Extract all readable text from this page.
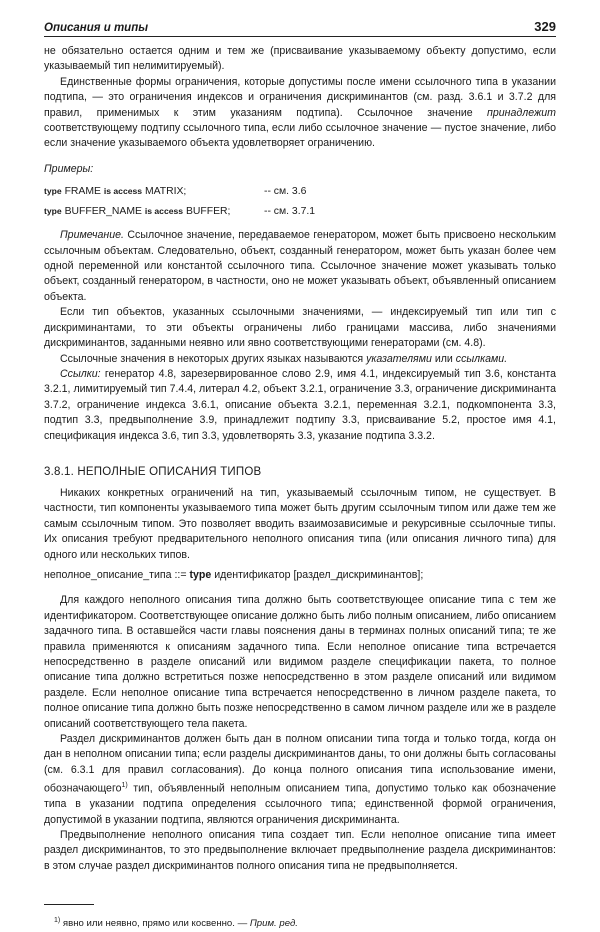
Описания и типы	329

не обязательно остается одним и тем же (присваивание указываемому объекту допустимо, если указываемый тип нелимитируемый).

Единственные формы ограничения, которые допустимы после имени ссылочного типа в указании подтипа, — это ограничения индексов и ограничения дискриминантов (см. разд. 3.6.1 и 3.7.2 для правил, применимых к этим указаниям подтипа). Ссылочное значение принадлежит соответствующему подтипу ссылочного типа, если либо ссылочное значение — пустое значение, либо если значение указываемого объекта удовлетворяет ограничению.

Примеры:

type FRAME is access MATRIX;	-- см. 3.6
type BUFFER_NAME is access BUFFER;	-- см. 3.7.1

Примечание. Ссылочное значение, передаваемое генератором, может быть присвоено нескольким ссылочным объектам. Следовательно, объект, созданный генератором, может быть указан более чем одной переменной или константой ссылочного типа. Ссылочное значение может указывать только объект, созданный генератором, в частности, оно не может указывать объект, объявленный описанием объекта.

Если тип объектов, указанных ссылочными значениями, — индексируемый тип или тип с дискриминантами, то эти объекты ограничены либо границами массива, либо значениями дискриминантов, заданными неявно или явно соответствующими генераторами (см. 4.8).

Ссылочные значения в некоторых других языках называются указателями или ссылками.

Ссылки: генератор 4.8, зарезервированное слово 2.9, имя 4.1, индексируемый тип 3.6, константа 3.2.1, лимитируемый тип 7.4.4, литерал 4.2, объект 3.2.1, ограничение 3.3, ограничение дискриминанта 3.7.2, ограничение индекса 3.6.1, описание объекта 3.2.1, переменная 3.2.1, подкомпонента 3.3, подтип 3.3, предвыполнение 3.9, принадлежит подтипу 3.3, присваивание 5.2, простое имя 4.1, спецификация индекса 3.6, тип 3.3, удовлетворять 3.3, указание подтипа 3.3.2.

3.8.1. НЕПОЛНЫЕ ОПИСАНИЯ ТИПОВ

Никаких конкретных ограничений на тип, указываемый ссылочным типом, не существует. В частности, тип компоненты указываемого типа может быть другим ссылочным типом или даже тем же самым ссылочным типом. Это позволяет вводить взаимозависимые и рекурсивные ссылочные типы. Их описания требуют предварительного неполного описания типа (или описания личного типа) для одного или нескольких типов.

неполное_описание_типа ::= type идентификатор [раздел_дискриминантов];

Для каждого неполного описания типа должно быть соответствующее описание типа с тем же идентификатором. Соответствующее описание должно быть либо полным описанием, либо описанием задачного типа. В оставшейся части главы пояснения даны в терминах полных описаний типа; те же правила применяются к описаниям задачного типа. Если неполное описание типа встречается непосредственно в разделе описаний или видимом разделе спецификации пакета, то полное описание типа должно встретиться позже непосредственно в этом разделе описаний или видимом разделе. Если неполное описание типа встречается непосредственно в личном разделе пакета, то полное описание типа должно быть позже непосредственно в самом личном разделе или же в разделе описаний соответствующего тела пакета.

Раздел дискриминантов должен быть дан в полном описании типа тогда и только тогда, когда он дан в неполном описании типа; если разделы дискриминантов даны, то они должны быть согласованы (см. 6.3.1 для правил согласования). До конца полного описания типа использование имени, обозначающего$^{1)}$ тип, объявленный неполным описанием типа, допустимо только как обозначение типа в указании подтипа определения ссылочного типа; единственной формой ограничения, допустимой в указании подтипа, являются ограничения дискриминанта.

Предвыполнение неполного описания типа создает тип. Если неполное описание типа имеет раздел дискриминантов, то это предвыполнение включает предвыполнение раздела дискриминантов: в этом случае раздел дискриминантов полного описания типа не предвыполняется.

$^{1)}$ явно или неявно, прямо или косвенно. — Прим. ред.
